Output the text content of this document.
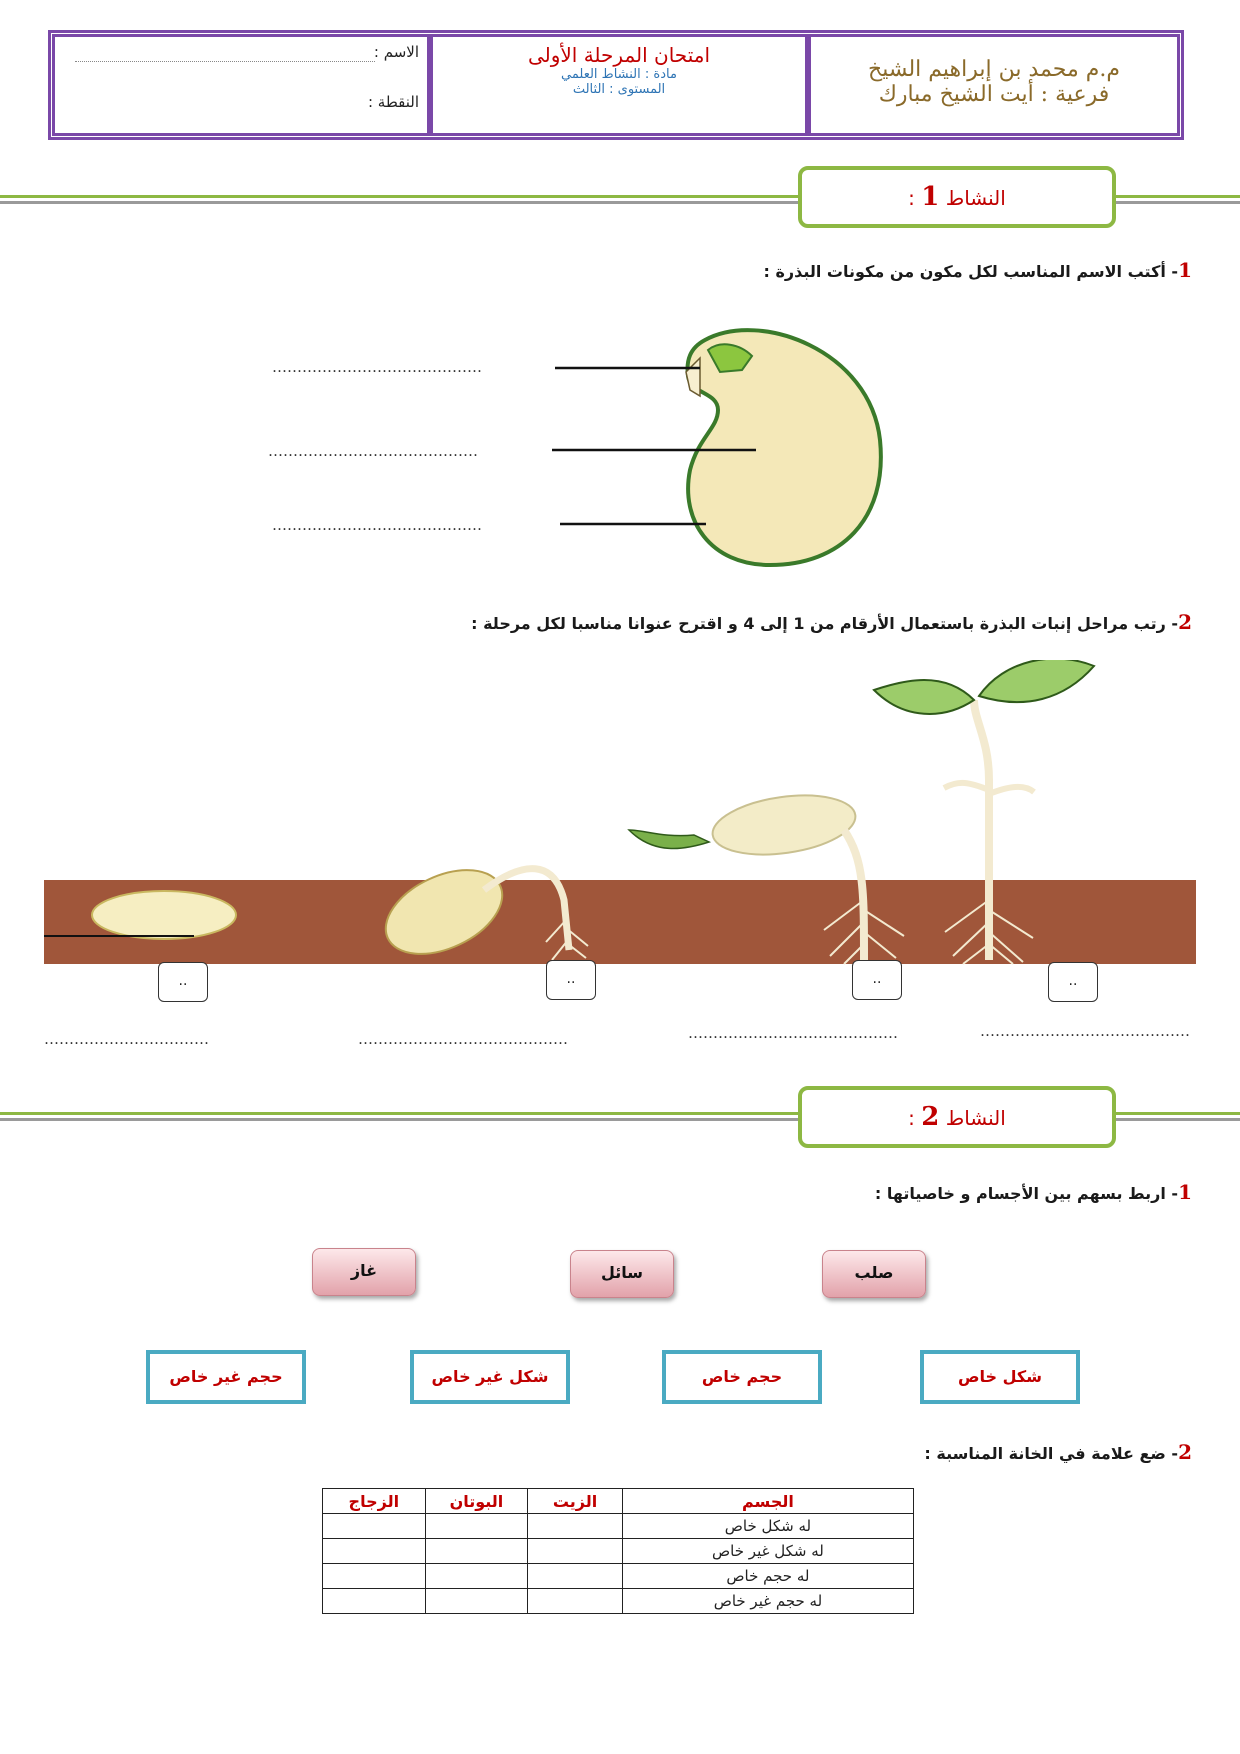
الاسم :
النقطة :
امتحان المرحلة الأولى
مادة : النشاط العلمي
المستوى : الثالث
م.م محمد بن إبراهيم الشيخ
فرعية : أيت الشيخ مبارك
النشاط 1 :
1- أكتب الاسم المناسب لكل مكون من مكونات البذرة :
……………………………………
……………………………………
……………………………………
2- رتب مراحل إنبات البذرة باستعمال الأرقام من 1 إلى 4 و اقترح عنوانا مناسبا لكل مرحلة :
..	..	..	..
……………………………	……………………………………	……………………………………	……………………………………
النشاط 2 :
1- اربط بسهم بين الأجسام و خاصياتها :
غاز	سائل	صلب
حجم غير خاص	شكل غير خاص	حجم خاص	شكل خاص
2- ضع علامة في الخانة المناسبة :
الجسم	الزيت	البوتان	الزجاج
له شكل خاص			
له شكل غير خاص			
له حجم خاص			
له حجم غير خاص			
